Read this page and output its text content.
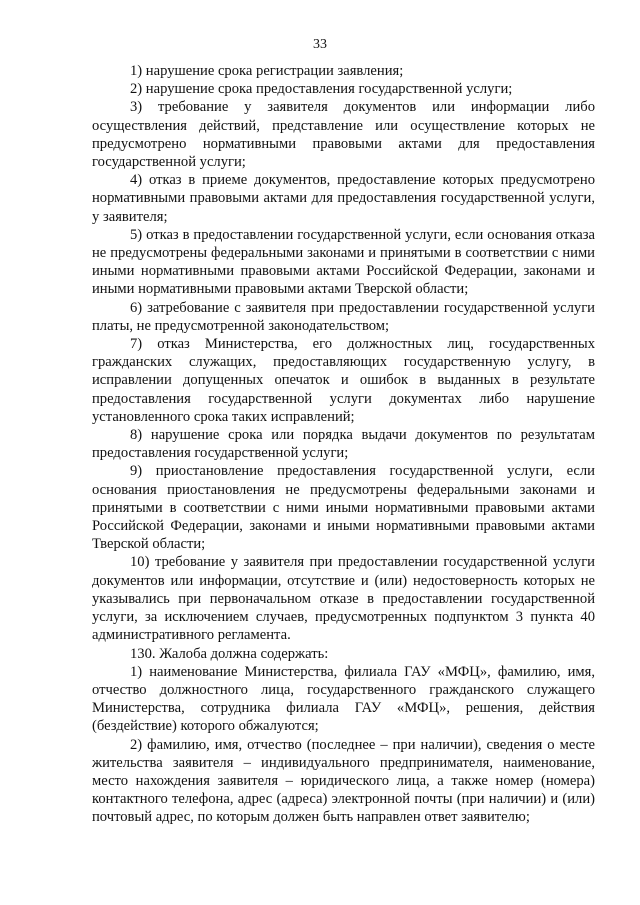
33

1) нарушение срока регистрации заявления;

2) нарушение срока предоставления государственной услуги;

3) требование у заявителя документов или информации либо осуществления действий, представление или осуществление которых не предусмотрено нормативными правовыми актами для предоставления государственной услуги;

4) отказ в приеме документов, предоставление которых предусмотрено нормативными правовыми актами для предоставления государственной услуги, у заявителя;

5) отказ в предоставлении государственной услуги, если основания отказа не предусмотрены федеральными законами и принятыми в соответствии с ними иными нормативными правовыми актами Российской Федерации, законами и иными нормативными правовыми актами Тверской области;

6) затребование с заявителя при предоставлении государственной услуги платы, не предусмотренной законодательством;

7) отказ Министерства, его должностных лиц, государственных гражданских служащих, предоставляющих государственную услугу, в исправлении допущенных опечаток и ошибок в выданных в результате предоставления государственной услуги документах либо нарушение установленного срока таких исправлений;

8) нарушение срока или порядка выдачи документов по результатам предоставления государственной услуги;

9) приостановление предоставления государственной услуги, если основания приостановления не предусмотрены федеральными законами и принятыми в соответствии с ними иными нормативными правовыми актами Российской Федерации, законами и иными нормативными правовыми актами Тверской области;

10) требование у заявителя при предоставлении государственной услуги документов или информации, отсутствие и (или) недостоверность которых не указывались при первоначальном отказе в предоставлении государственной услуги, за исключением случаев, предусмотренных подпунктом 3 пункта 40 административного регламента.

130. Жалоба должна содержать:

1) наименование Министерства, филиала ГАУ «МФЦ», фамилию, имя, отчество должностного лица, государственного гражданского служащего Министерства, сотрудника филиала ГАУ «МФЦ», решения, действия (бездействие) которого обжалуются;

2) фамилию, имя, отчество (последнее – при наличии), сведения о месте жительства заявителя – индивидуального предпринимателя, наименование, место нахождения заявителя – юридического лица, а также номер (номера) контактного телефона, адрес (адреса) электронной почты (при наличии) и (или) почтовый адрес, по которым должен быть направлен ответ заявителю;
